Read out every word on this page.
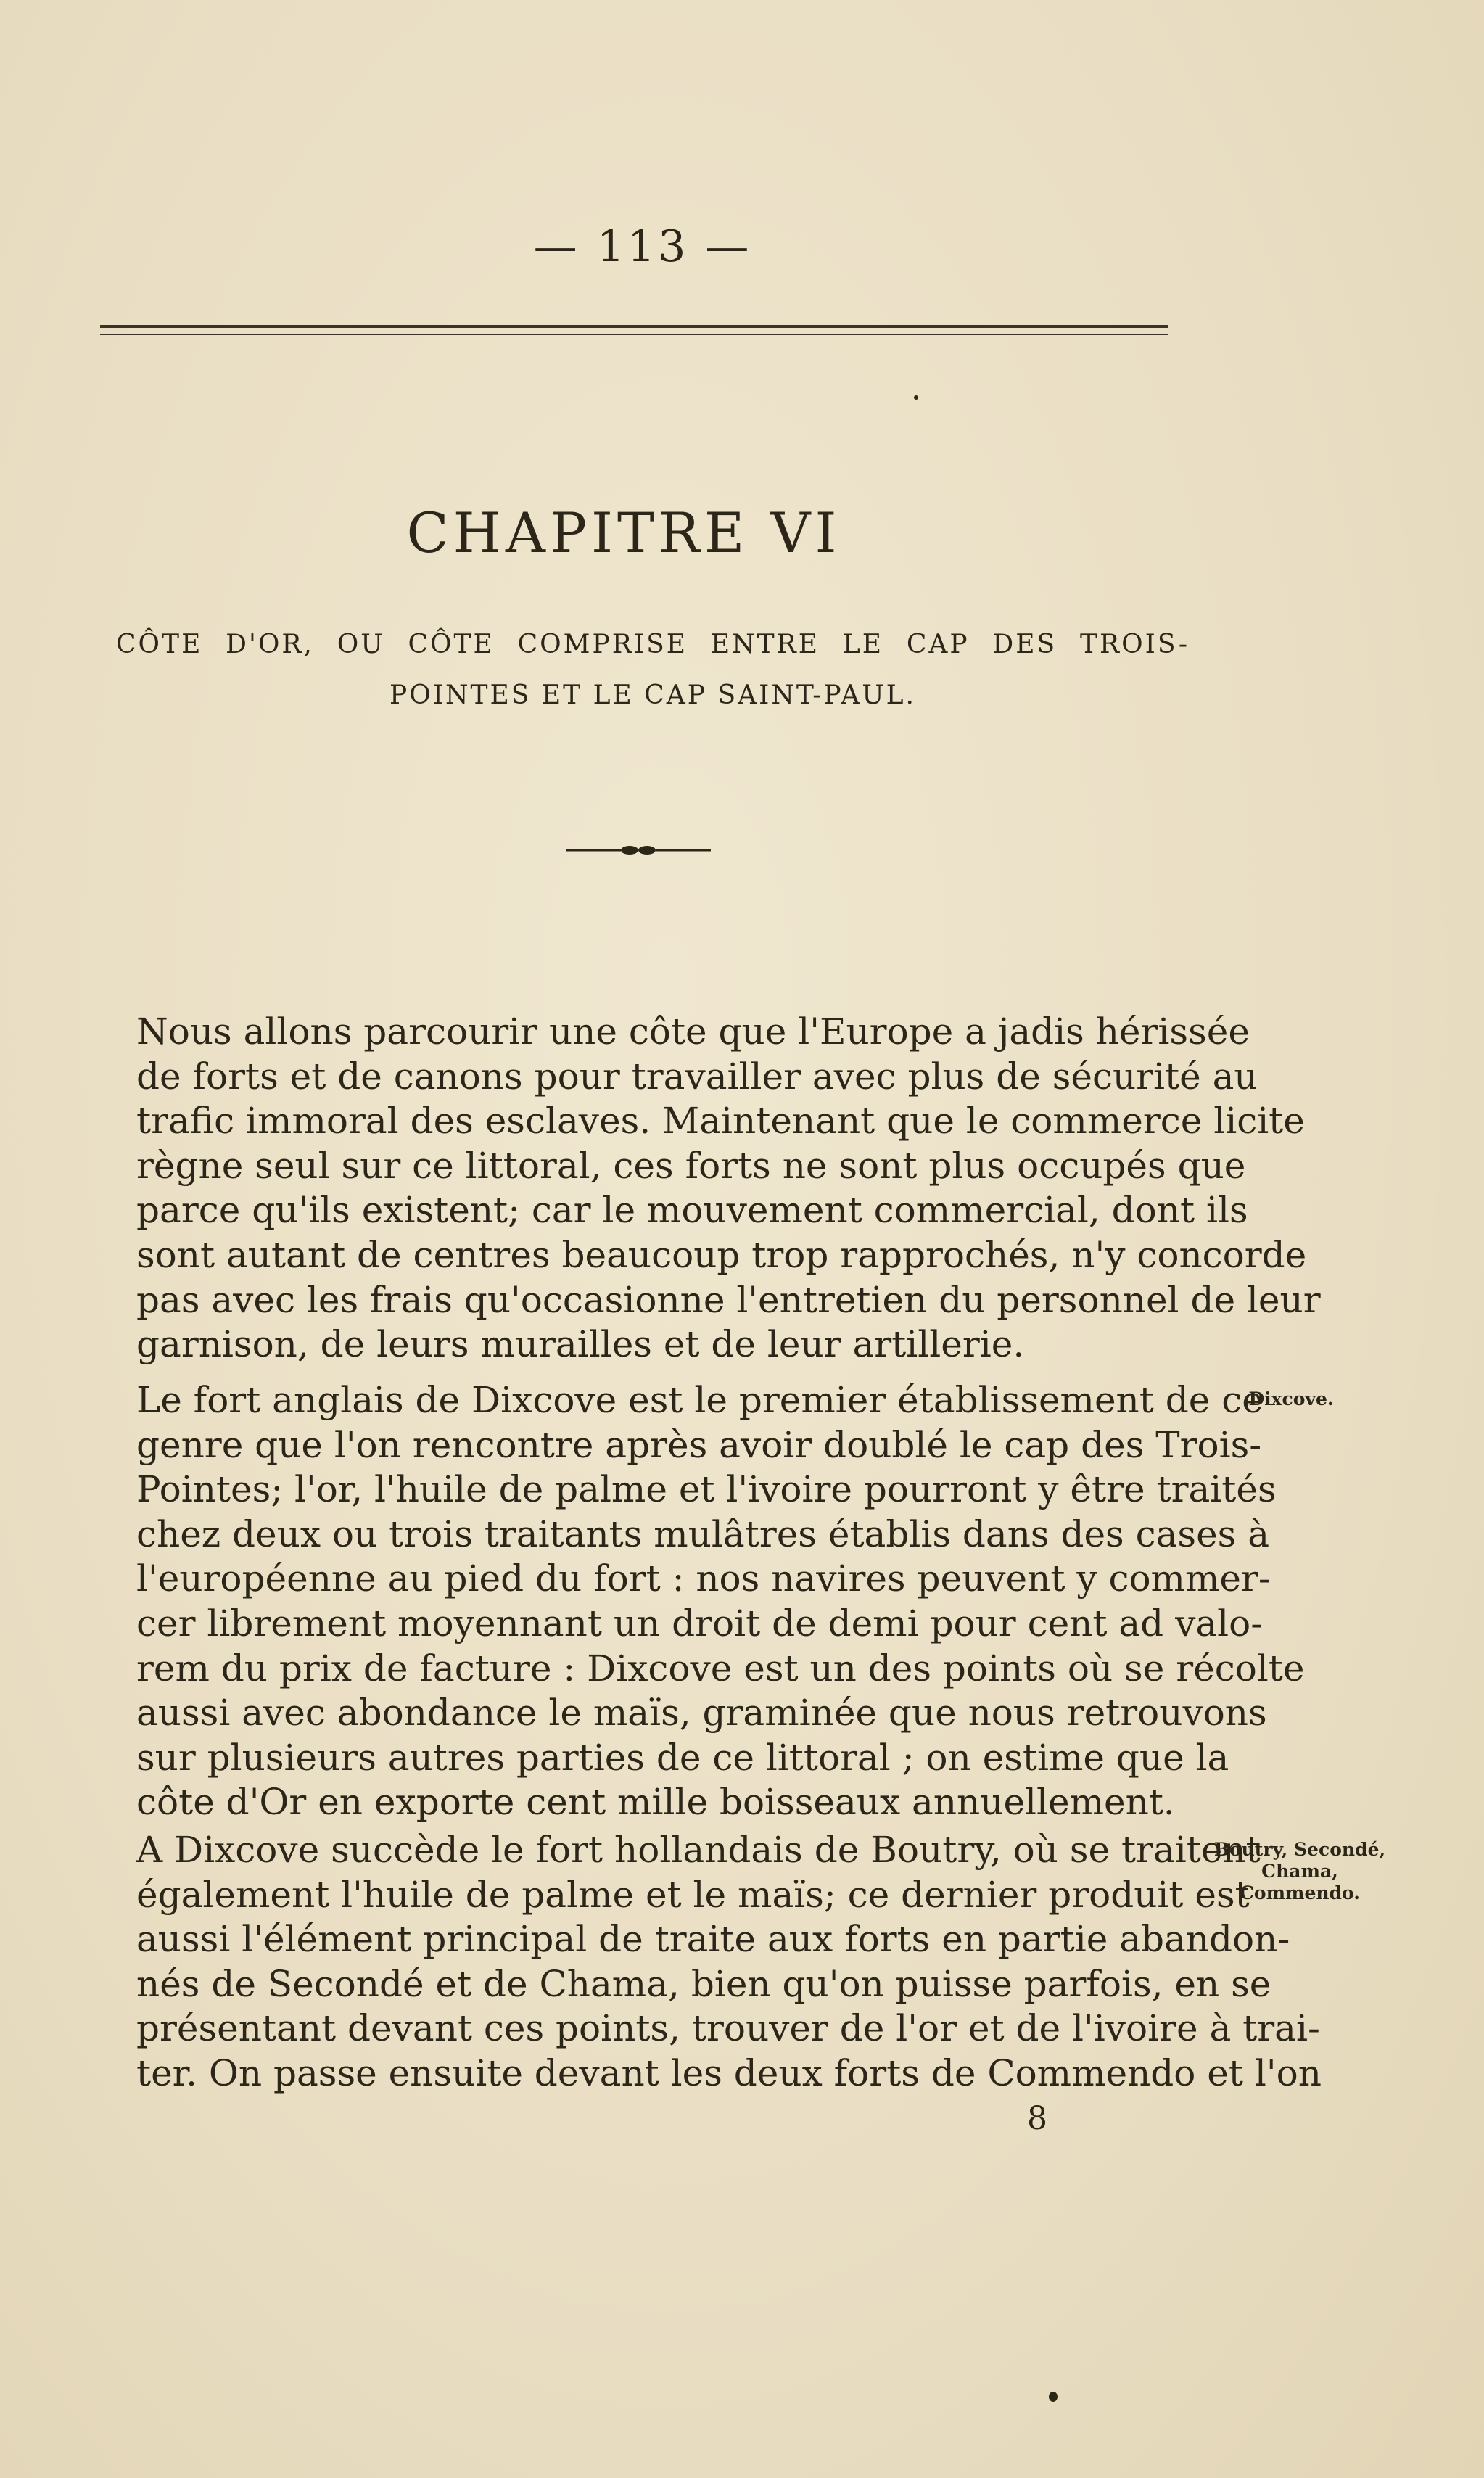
— 113 —
CHAPITRE VI
CÔTE D'OR, OU CÔTE COMPRISE ENTRE LE CAP DES TROIS-
POINTES ET LE CAP SAINT-PAUL.
Nous allons parcourir une côte que l'Europe a jadis hérissée
de forts et de canons pour travailler avec plus de sécurité au
trafic immoral des esclaves. Maintenant que le commerce licite
règne seul sur ce littoral, ces forts ne sont plus occupés que
parce qu'ils existent; car le mouvement commercial, dont ils
sont autant de centres beaucoup trop rapprochés, n'y concorde
pas avec les frais qu'occasionne l'entretien du personnel de leur
garnison, de leurs murailles et de leur artillerie.
Le fort anglais de Dixcove est le premier établissement de ce
genre que l'on rencontre après avoir doublé le cap des Trois-
Pointes; l'or, l'huile de palme et l'ivoire pourront y être traités
chez deux ou trois traitants mulâtres établis dans des cases à
l'européenne au pied du fort : nos navires peuvent y commer-
cer librement moyennant un droit de demi pour cent ad valo-
rem du prix de facture : Dixcove est un des points où se récolte
aussi avec abondance le maïs, graminée que nous retrouvons
sur plusieurs autres parties de ce littoral ; on estime que la
côte d'Or en exporte cent mille boisseaux annuellement.
A Dixcove succède le fort hollandais de Boutry, où se traitent
également l'huile de palme et le maïs; ce dernier produit est
aussi l'élément principal de traite aux forts en partie abandon-
nés de Secondé et de Chama, bien qu'on puisse parfois, en se
présentant devant ces points, trouver de l'or et de l'ivoire à trai-
ter. On passe ensuite devant les deux forts de Commendo et l'on
Dixcove.
Boutry, Secondé,
Chama,
Commendo.
8
